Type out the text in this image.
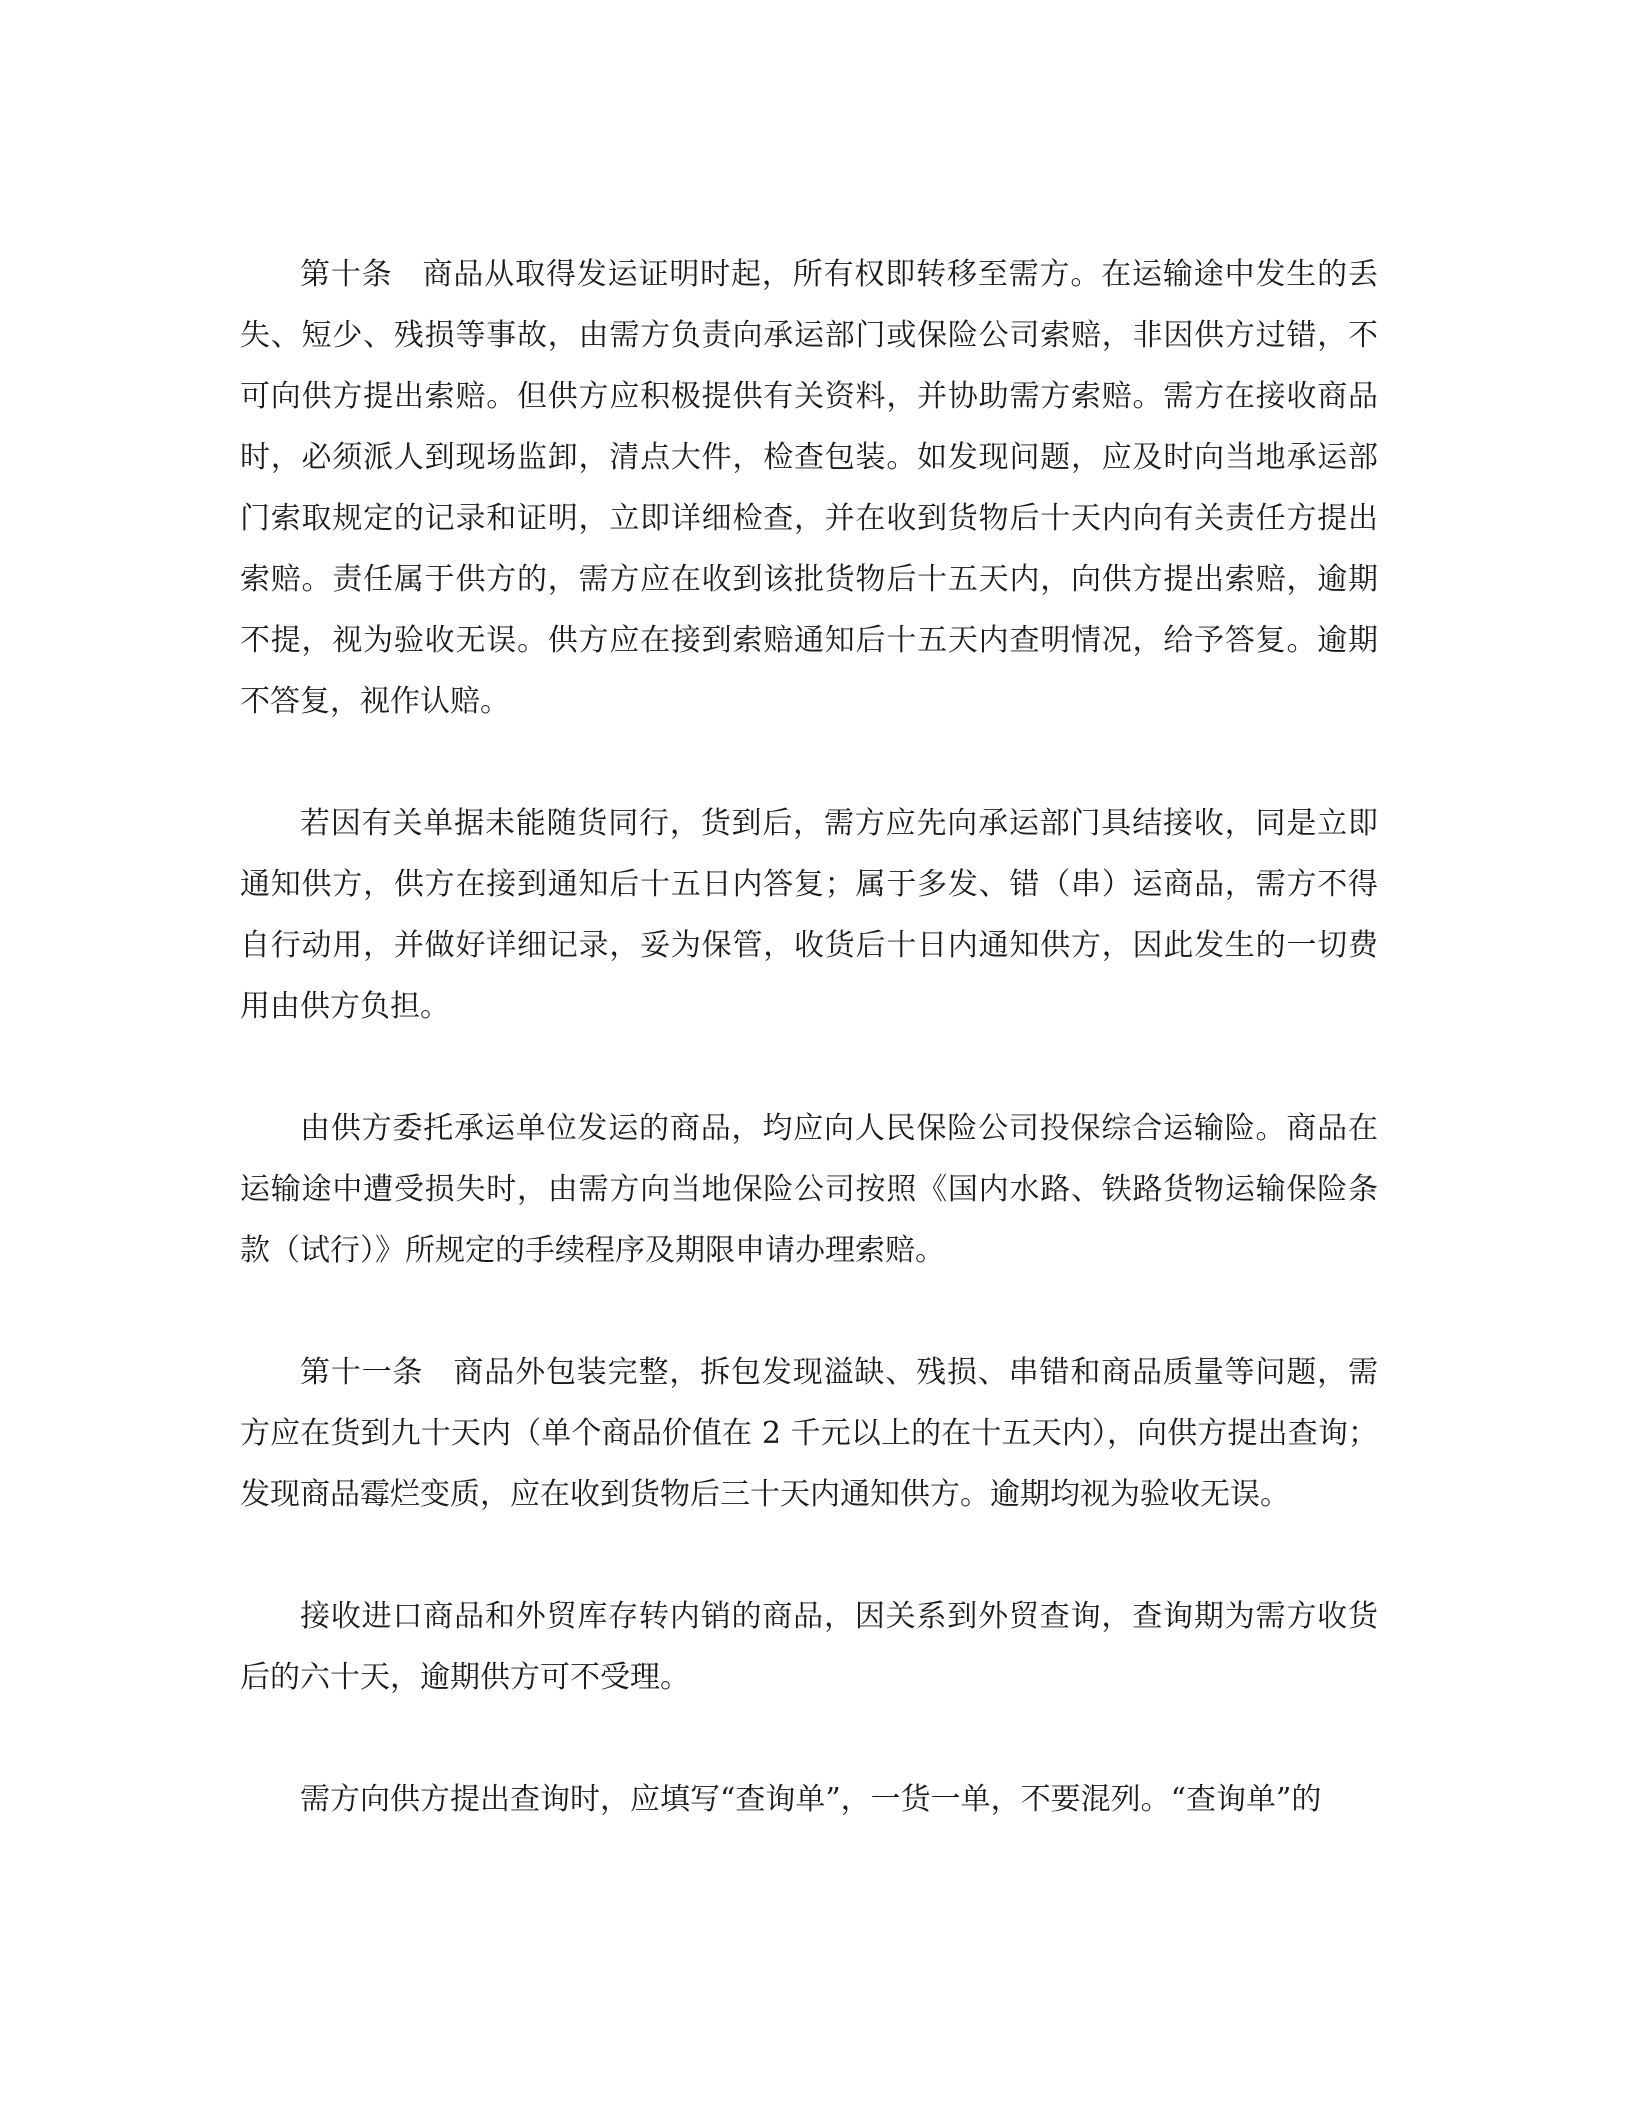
第十条 商品从取得发运证明时起，所有权即转移至需方。在运输途中发生的丢失、短少、残损等事故，由需方负责向承运部门或保险公司索赔，非因供方过错，不可向供方提出索赔。但供方应积极提供有关资料，并协助需方索赔。需方在接收商品时，必须派人到现场监卸，清点大件，检查包装。如发现问题，应及时向当地承运部门索取规定的记录和证明，立即详细检查，并在收到货物后十天内向有关责任方提出索赔。责任属于供方的，需方应在收到该批货物后十五天内，向供方提出索赔，逾期不提，视为验收无误。供方应在接到索赔通知后十五天内查明情况，给予答复。逾期不答复，视作认赔。

若因有关单据未能随货同行，货到后，需方应先向承运部门具结接收，同是立即通知供方，供方在接到通知后十五日内答复；属于多发、错（串）运商品，需方不得自行动用，并做好详细记录，妥为保管，收货后十日内通知供方，因此发生的一切费用由供方负担。

由供方委托承运单位发运的商品，均应向人民保险公司投保综合运输险。商品在运输途中遭受损失时，由需方向当地保险公司按照《国内水路、铁路货物运输保险条款（试行）》所规定的手续程序及期限申请办理索赔。

第十一条 商品外包装完整，拆包发现溢缺、残损、串错和商品质量等问题，需方应在货到九十天内（单个商品价值在 2 千元以上的在十五天内），向供方提出查询；发现商品霉烂变质，应在收到货物后三十天内通知供方。逾期均视为验收无误。

接收进口商品和外贸库存转内销的商品，因关系到外贸查询，查询期为需方收货后的六十天，逾期供方可不受理。

需方向供方提出查询时，应填写“查询单”，一货一单，不要混列。“查询单”的
